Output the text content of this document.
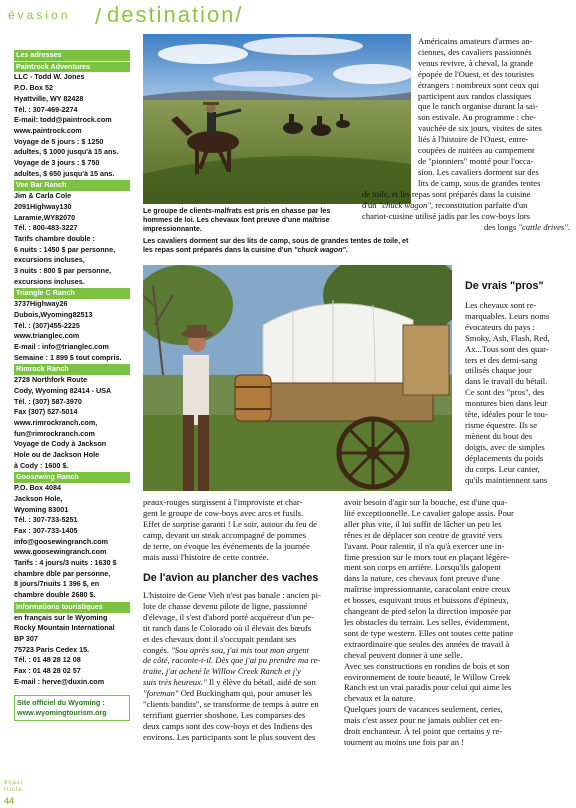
évasion / destination/
Les adresses
Paintrock Adventures
LLC - Todd W. Jones
P.O. Box 52
Hyattville, WY 82428
Tél. : 307-469-2274
E-mail: todd@paintrock.com
www.paintrock.com
Voyage de 5 jours : $ 1250
adultes, $ 1000 jusqu'à 15 ans.
Voyage de 3 jours : $ 750
adultes, $ 650 jusqu'à 15 ans.
Vee Bar Ranch
Jim & Carla Cole
2091Highway130
Laramie,WY82070
Tél. : 800-483-3227
Tarifs chambre double :
6 nuits : 1450 $ par personne,
excursions incluses,
3 nuits : 800 $ par personne,
excursions incluses.
Triangle C Ranch
3737Highway26
Dubois,Wyoming82513
Tél. : (307)455-2225
www.trianglec.com
E-mail : info@trianglec.com
Semaine : 1 899 $ tout compris.
Rimrock Ranch
2728 Northfork Route
Cody, Wyoming 82414 - USA
Tél. : (307) 587-3970
Fax (307) 527-5014
www.rimrockranch.com,
fun@rimrockranch.com
Voyage de Cody à Jackson
Hole ou de Jackson Hole
à Cody : 1600 $.
Goosewing Ranch
P.O. Box 4084
Jackson Hole,
Wyoming 83001
Tél. : 307-733-5251
Fax : 307-733-1405
info@goosewingranch.com
www.goosewingranch.com
Tarifs : 4 jours/3 nuits : 1630 $
chambre dble par personne,
8 jours/7nuits 1 396 $, en
chambre double 2680 $.
Informations touristiques
en français sur le Wyoming
Rocky Mountain International
BP 307
75723 Paris Cedex 15.
Tél. : 01 48 28 12 08
Fax : 01 48 28 02 57
E-mail : herve@duxin.com
Site officiel du Wyoming :
www.wyomingtourism.org
Le groupe de clients-malfrats est pris en chasse par les
hommes de loi. Les chevaux font preuve d'une maîtrise
impressionnante.
Les cavaliers dorment sur des lits de camp, sous de grandes tentes de toile, et les repas sont préparés dans la cuisine d'un "chuck wagon".

Américains amateurs d'armes an-

ciennes, des cavaliers passionnés

venus revivre, à cheval, la grande

épopée de l'Ouest, et des touristes

étrangers : nombreux sont ceux qui

participent aux randos classiques

que le ranch organise durant la sai-

son estivale. Au programme : che-

vauchée de six jours, visites de sites

liés à l'histoire de l'Ouest, entre-

coupées de nuitées au campement

de "pionniers" monté pour l'occa-

sion. Les cavaliers dorment sur des

lits de camp, sous de grandes tentes

de toile, et les repas sont préparés dans la cuisine

d'un "chuck wagon", reconstitution parfaite d'un

chariot-cuisine utilisé jadis par les cow-boys lors

des longs "cattle drives".

De vrais "pros"

Les chevaux sont re-

marquables. Leurs noms

évocateurs du pays :

Smoky, Ash, Flash, Red,

Ax...Tous sont des quar-

ters et des demi-sang

utilisés chaque jour

dans le travail du bétail.

Ce sont des "pros", des

montures bien dans leur

tête, idéales pour le tou-

risme équestre. Ils se

mènent du bout des

doigts, avec de simples

déplacements du poids

du corps. Leur canter,

qu'ils maintiennent sans

peaux-rouges surgissent à l'improviste et char-

gent le groupe de cow-boys avec arcs et fusils.

Effet de surprise garanti ! Le soir, autour du feu de

camp, devant un steak accompagné de pommes

de terre, on évoque les événements de la journée

mais aussi l'histoire de cette contrée.

De l'avion au plancher des vaches

L'histoire de Gene Vieh n'est pas banale : ancien pi-

lote de chasse devenu pilote de ligne, passionné

d'élevage, il s'est d'abord porté acquéreur d'un pe-

tit ranch dans le Colorado où il élevait des bœufs

et des chevaux dont il s'occupait pendant ses

congés. "Sou après sou, j'ai mis tout mon argent

de côté, raconte-t-il. Dès que j'ai pu prendre ma re-

traite, j'ai acheté le Willow Creek Ranch et j'y

suis très heureux." Il y élève du bétail, aidé de son

"foreman" Ord Buckingham qui, pour amuser les

"clients bandits", se transforme de temps à autre en

terrifiant guerrier shoshone. Les comparses des

deux camps sont des cow-boys et des Indiens des

environs. Les participants sont le plus souvent des

avoir besoin d'agir sur la bouche, est d'une qua-

lité exceptionnelle. Le cavalier galope assis. Pour

aller plus vite, il lui suffit de lâcher un peu les

rênes et de déplacer son centre de gravité vers

l'avant. Pour ralentir, il n'a qu'à exercer une in-

fime pression sur le mors tout en plaçant légère-

ment son corps en arrière. Lorsqu'ils galopent

dans la nature, ces chevaux font preuve d'une

maîtrise impressionnante, caracolant entre creux

et bosses, esquivant trous et buissons d'épineux,

changeant de pied selon la direction imposée par

les obstacles du terrain. Les selles, évidemment,

sont de type western. Elles ont toutes cette patine

extraordinaire que seules des années de travail à

cheval peuvent donner à une selle.

Avec ses constructions en rondins de bois et son

environnement de toute beauté, le Willow Creek

Ranch est un vrai paradis pour celui qui aime les

chevaux et la nature.

Quelques jours de vacances seulement, certes,

mais c'est assez pour ne jamais oublier cet en-

droit enchanteur. À tel point que certains y re-

tournent au moins une fois par an !

évasi
rticle
44
